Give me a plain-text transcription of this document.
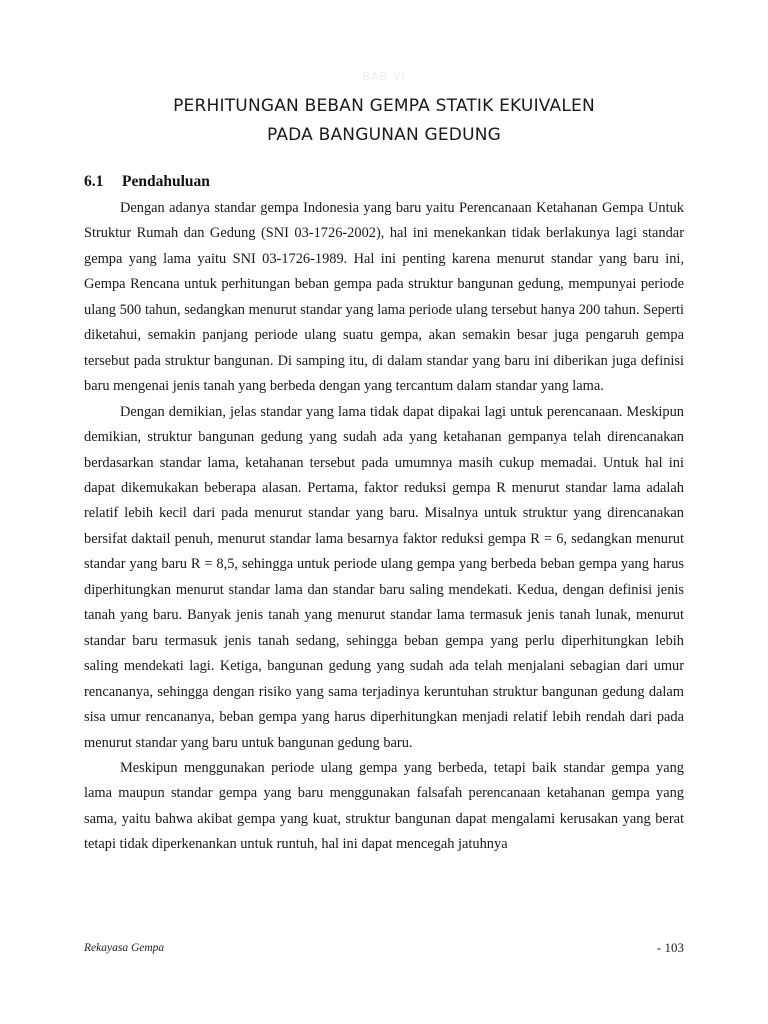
BAB VI
PERHITUNGAN BEBAN GEMPA STATIK EKUIVALEN
PADA BANGUNAN GEDUNG
6.1 Pendahuluan

Dengan adanya standar gempa Indonesia yang baru yaitu Perencanaan Ketahanan Gempa Untuk Struktur Rumah dan Gedung (SNI 03-1726-2002), hal ini menekankan tidak berlakunya lagi standar gempa yang lama yaitu SNI 03-1726-1989. Hal ini penting karena menurut standar yang baru ini, Gempa Rencana untuk perhitungan beban gempa pada struktur bangunan gedung, mempunyai periode ulang 500 tahun, sedangkan menurut standar yang lama periode ulang tersebut hanya 200 tahun. Seperti diketahui, semakin panjang periode ulang suatu gempa, akan semakin besar juga pengaruh gempa tersebut pada struktur bangunan. Di samping itu, di dalam standar yang baru ini diberikan juga definisi baru mengenai jenis tanah yang berbeda dengan yang tercantum dalam standar yang lama.

Dengan demikian, jelas standar yang lama tidak dapat dipakai lagi untuk perencanaan. Meskipun demikian, struktur bangunan gedung yang sudah ada yang ketahanan gempanya telah direncanakan berdasarkan standar lama, ketahanan tersebut pada umumnya masih cukup memadai. Untuk hal ini dapat dikemukakan beberapa alasan. Pertama, faktor reduksi gempa R menurut standar lama adalah relatif lebih kecil dari pada menurut standar yang baru. Misalnya untuk struktur yang direncanakan bersifat daktail penuh, menurut standar lama besarnya faktor reduksi gempa R = 6, sedangkan menurut standar yang baru R = 8,5, sehingga untuk periode ulang gempa yang berbeda beban gempa yang harus diperhitungkan menurut standar lama dan standar baru saling mendekati. Kedua, dengan definisi jenis tanah yang baru. Banyak jenis tanah yang menurut standar lama termasuk jenis tanah lunak, menurut standar baru termasuk jenis tanah sedang, sehingga beban gempa yang perlu diperhitungkan lebih saling mendekati lagi. Ketiga, bangunan gedung yang sudah ada telah menjalani sebagian dari umur rencananya, sehingga dengan risiko yang sama terjadinya keruntuhan struktur bangunan gedung dalam sisa umur rencananya, beban gempa yang harus diperhitungkan menjadi relatif lebih rendah dari pada menurut standar yang baru untuk bangunan gedung baru.

Meskipun menggunakan periode ulang gempa yang berbeda, tetapi baik standar gempa yang lama maupun standar gempa yang baru menggunakan falsafah perencanaan ketahanan gempa yang sama, yaitu bahwa akibat gempa yang kuat, struktur bangunan dapat mengalami kerusakan yang berat tetapi tidak diperkenankan untuk runtuh, hal ini dapat mencegah jatuhnya

Rekayasa Gempa	- 103
